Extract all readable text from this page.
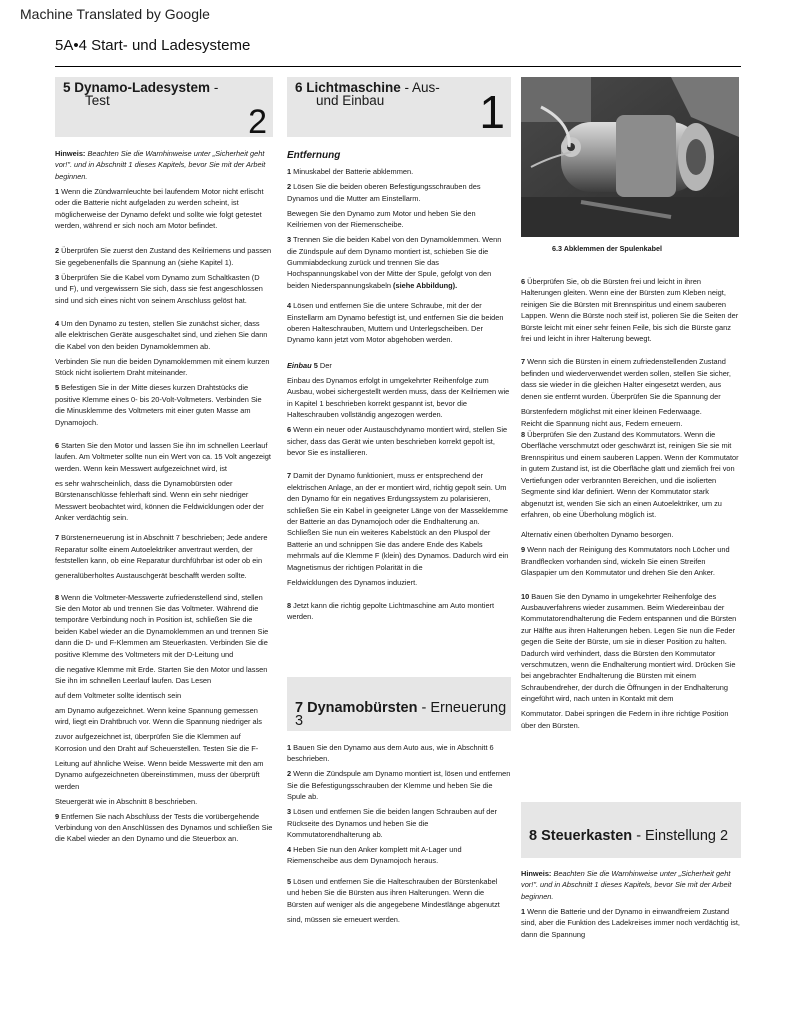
Machine Translated by Google
5A•4 Start- und Ladesysteme
5 Dynamo-Ladesystem -
Test
2
6 Lichtmaschine - Aus-
und Einbau	1
6.3 Abklemmen der Spulenkabel

Hinweis: Beachten Sie die Warnhinweise unter „Sicherheit geht vor!". und in Abschnitt 1 dieses Kapitels, bevor Sie mit der Arbeit beginnen.

1 Wenn die Zündwarnleuchte bei laufendem Motor nicht erlischt oder die Batterie nicht aufgeladen zu werden scheint, ist möglicherweise der Dynamo defekt und sollte wie folgt getestet werden, während er sich noch am Motor befindet.

2 Überprüfen Sie zuerst den Zustand des Keilriemens und passen Sie gegebenenfalls die Spannung an (siehe Kapitel 1).

3 Überprüfen Sie die Kabel vom Dynamo zum Schaltkasten (D und F), und vergewissern Sie sich, dass sie fest angeschlossen sind und sich eines nicht von seinem Anschluss gelöst hat.

4 Um den Dynamo zu testen, stellen Sie zunächst sicher, dass alle elektrischen Geräte ausgeschaltet sind, und ziehen Sie dann die Kabel von den beiden Dynamoklemmen ab.

Verbinden Sie nun die beiden Dynamoklemmen mit einem kurzen Stück nicht isoliertem Draht miteinander.

5 Befestigen Sie in der Mitte dieses kurzen Drahtstücks die positive Klemme eines 0- bis 20-Volt-Voltmeters. Verbinden Sie die Minusklemme des Voltmeters mit einer guten Masse am Dynamojoch.

6 Starten Sie den Motor und lassen Sie ihn im schnellen Leerlauf laufen. Am Voltmeter sollte nun ein Wert von ca. 15 Volt angezeigt werden. Wenn kein Messwert aufgezeichnet wird, ist

es sehr wahrscheinlich, dass die Dynamobürsten oder Bürstenanschlüsse fehlerhaft sind. Wenn ein sehr niedriger Messwert beobachtet wird, können die Feldwicklungen oder der Anker verdächtig sein.

7 Bürstenerneuerung ist in Abschnitt 7 beschrieben; Jede andere Reparatur sollte einem Autoelektriker anvertraut werden, der feststellen kann, ob eine Reparatur durchführbar ist oder ob ein

generalüberholtes Austauschgerät beschafft werden sollte.

8 Wenn die Voltmeter-Messwerte zufriedenstellend sind, stellen Sie den Motor ab und trennen Sie das Voltmeter. Während die temporäre Verbindung noch in Position ist, schließen Sie die beiden Kabel wieder an die Dynamoklemmen an und trennen Sie dann die D- und F-Klemmen am Steuerkasten. Verbinden Sie die positive Klemme des Voltmeters mit der D-Leitung und

die negative Klemme mit Erde. Starten Sie den Motor und lassen Sie ihn im schnellen Leerlauf laufen. Das Lesen

auf dem Voltmeter sollte identisch sein

am Dynamo aufgezeichnet. Wenn keine Spannung gemessen wird, liegt ein Drahtbruch vor. Wenn die Spannung niedriger als

zuvor aufgezeichnet ist, überprüfen Sie die Klemmen auf Korrosion und den Draht auf Scheuerstellen. Testen Sie die F-

Leitung auf ähnliche Weise. Wenn beide Messwerte mit den am Dynamo aufgezeichneten übereinstimmen, muss der überprüft werden

Steuergerät wie in Abschnitt 8 beschrieben.

9 Entfernen Sie nach Abschluss der Tests die vorübergehende Verbindung von den Anschlüssen des Dynamos und schließen Sie die Kabel wieder an den Dynamo und die Steuerbox an.

Entfernung

1 Minuskabel der Batterie abklemmen.

2 Lösen Sie die beiden oberen Befestigungsschrauben des Dynamos und die Mutter am Einstellarm.

Bewegen Sie den Dynamo zum Motor und heben Sie den Keilriemen von der Riemenscheibe.

3 Trennen Sie die beiden Kabel von den Dynamoklemmen. Wenn die Zündspule auf dem Dynamo montiert ist, schieben Sie die Gummiabdeckung zurück und trennen Sie das Hochspannungskabel von der Mitte der Spule, gefolgt von den beiden Niederspannungskabeln (siehe Abbildung).

4 Lösen und entfernen Sie die untere Schraube, mit der der Einstellarm am Dynamo befestigt ist, und entfernen Sie die beiden oberen Halteschrauben, Muttern und Unterlegscheiben. Der Dynamo kann jetzt vom Motor abgehoben werden.

Einbau 5 Der

Einbau des Dynamos erfolgt in umgekehrter Reihenfolge zum Ausbau, wobei sichergestellt werden muss, dass der Keilriemen wie in Kapitel 1 beschrieben korrekt gespannt ist, bevor die Halteschrauben vollständig angezogen werden.

6 Wenn ein neuer oder Austauschdynamo montiert wird, stellen Sie sicher, dass das Gerät wie unten beschrieben korrekt gepolt ist, bevor Sie es installieren.

7 Damit der Dynamo funktioniert, muss er entsprechend der elektrischen Anlage, an der er montiert wird, richtig gepolt sein. Um den Dynamo für ein negatives Erdungssystem zu polarisieren, schließen Sie ein Kabel in geeigneter Länge von der Masseklemme der Batterie an das Dynamojoch oder die Endhalterung an. Schließen Sie nun ein weiteres Kabelstück an den Pluspol der Batterie an und schnippen Sie das andere Ende des Kabels mehrmals auf die Klemme F (klein) des Dynamos. Dadurch wird ein Magnetismus der richtigen Polarität in die

Feldwicklungen des Dynamos induziert.

8 Jetzt kann die richtig gepolte Lichtmaschine am Auto montiert werden.

7 Dynamobürsten - Erneuerung 3

1 Bauen Sie den Dynamo aus dem Auto aus, wie in Abschnitt 6 beschrieben.

2 Wenn die Zündspule am Dynamo montiert ist, lösen und entfernen Sie die Befestigungsschrauben der Klemme und heben Sie die Spule ab.

3 Lösen und entfernen Sie die beiden langen Schrauben auf der Rückseite des Dynamos und heben Sie die Kommutatorendhalterung ab.

4 Heben Sie nun den Anker komplett mit A-Lager und Riemenscheibe aus dem Dynamojoch heraus.

5 Lösen und entfernen Sie die Halteschrauben der Bürstenkabel und heben Sie die Bürsten aus ihren Halterungen. Wenn die Bürsten auf weniger als die angegebene Mindestlänge abgenutzt

sind, müssen sie erneuert werden.

6 Überprüfen Sie, ob die Bürsten frei und leicht in ihren Halterungen gleiten. Wenn eine der Bürsten zum Kleben neigt, reinigen Sie die Bürsten mit Brennspiritus und einem sauberen Lappen. Wenn die Bürste noch steif ist, polieren Sie die Seiten der Bürste leicht mit einer sehr feinen Feile, bis sich die Bürste ganz frei und leicht in ihrer Halterung bewegt.

7 Wenn sich die Bürsten in einem zufriedenstellenden Zustand befinden und wiederverwendet werden sollen, stellen Sie sicher, dass sie wieder in die gleichen Halter eingesetzt werden, aus denen sie entfernt wurden. Überprüfen Sie die Spannung der

Bürstenfedern möglichst mit einer kleinen Federwaage.

Reicht die Spannung nicht aus, Federn erneuern.

8 Überprüfen Sie den Zustand des Kommutators. Wenn die Oberfläche verschmutzt oder geschwärzt ist, reinigen Sie sie mit Brennspiritus und einem sauberen Lappen. Wenn der Kommutator in gutem Zustand ist, ist die Oberfläche glatt und ziemlich frei von Vertiefungen oder verbrannten Bereichen, und die isolierten Segmente sind klar definiert. Wenn der Kommutator stark abgenutzt ist, wenden Sie sich an einen Autoelektriker, um zu erfahren, ob eine Überholung möglich ist.

Alternativ einen überholten Dynamo besorgen.

9 Wenn nach der Reinigung des Kommutators noch Löcher und Brandflecken vorhanden sind, wickeln Sie einen Streifen Glaspapier um den Kommutator und drehen Sie den Anker.

10 Bauen Sie den Dynamo in umgekehrter Reihenfolge des Ausbauverfahrens wieder zusammen. Beim Wiedereinbau der Kommutatorendhalterung die Federn entspannen und die Bürsten zur Hälfte aus ihren Halterungen heben. Legen Sie nun die Feder gegen die Seite der Bürste, um sie in dieser Position zu halten. Dadurch wird verhindert, dass die Bürsten den Kommutator verschmutzen, wenn die Endhalterung montiert wird. Drücken Sie bei angebrachter Endhalterung die Bürsten mit einem Schraubendreher, der durch die Öffnungen in der Endhalterung eingeführt wird, nach unten in Kontakt mit dem

Kommutator. Dabei springen die Federn in ihre richtige Position über den Bürsten.

8 Steuerkasten - Einstellung 2

Hinweis: Beachten Sie die Warnhinweise unter „Sicherheit geht vor!". und in Abschnitt 1 dieses Kapitels, bevor Sie mit der Arbeit beginnen.

1 Wenn die Batterie und der Dynamo in einwandfreiem Zustand sind, aber die Funktion des Ladekreises immer noch verdächtig ist, dann die Spannung
